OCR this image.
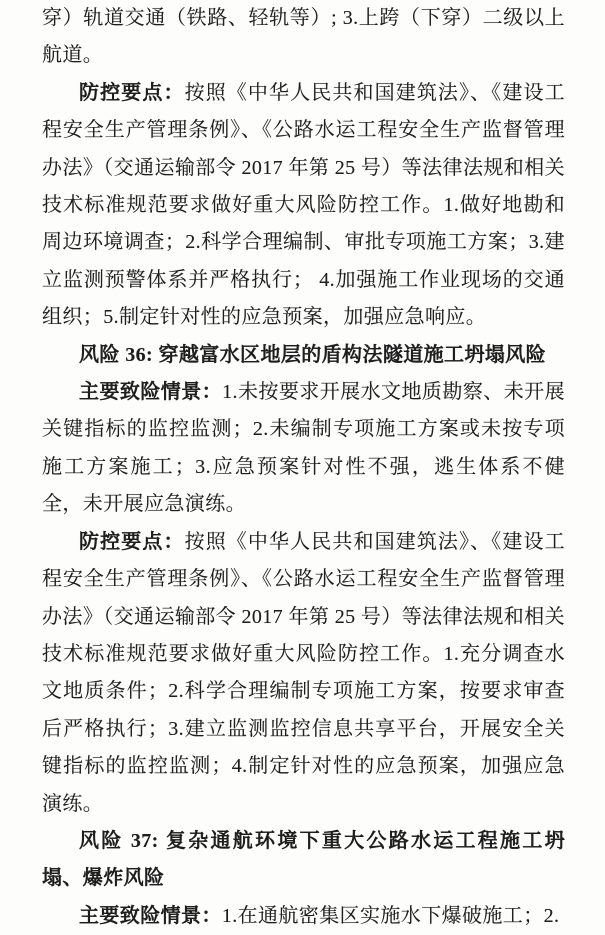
穿）轨道交通（铁路、轻轨等）; 3.上跨（下穿）二级以上航道。

防控要点：按照《中华人民共和国建筑法》、《建设工程安全生产管理条例》、《公路水运工程安全生产监督管理办法》（交通运输部令 2017 年第 25 号）等法律法规和相关技术标准规范要求做好重大风险防控工作。1.做好地勘和周边环境调查；2.科学合理编制、审批专项施工方案；3.建立监测预警体系并严格执行； 4.加强施工作业现场的交通组织；5.制定针对性的应急预案，加强应急响应。

风险 36: 穿越富水区地层的盾构法隧道施工坍塌风险

主要致险情景：1.未按要求开展水文地质勘察、未开展关键指标的监控监测；2.未编制专项施工方案或未按专项施工方案施工；3.应急预案针对性不强，逃生体系不健全，未开展应急演练。

防控要点：按照《中华人民共和国建筑法》、《建设工程安全生产管理条例》、《公路水运工程安全生产监督管理办法》（交通运输部令 2017 年第 25 号）等法律法规和相关技术标准规范要求做好重大风险防控工作。1.充分调查水文地质条件；2.科学合理编制专项施工方案，按要求审查后严格执行；3.建立监测监控信息共享平台，开展安全关键指标的监控监测；4.制定针对性的应急预案，加强应急演练。

风险 37: 复杂通航环境下重大公路水运工程施工坍塌、爆炸风险

主要致险情景：1.在通航密集区实施水下爆破施工；2.
